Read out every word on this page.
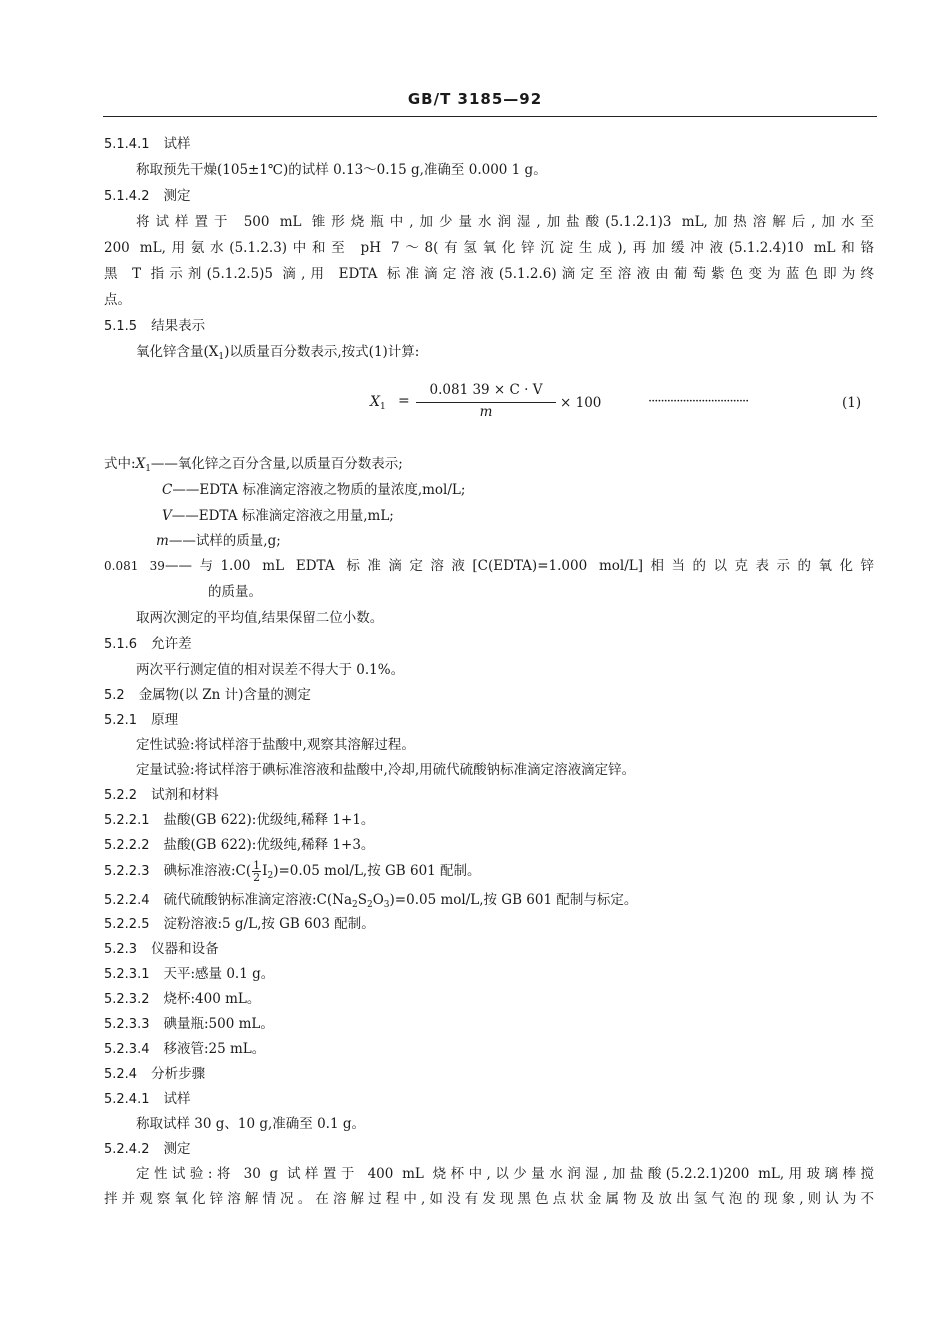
GB/T 3185—92
5.1.4.1 试样
称取预先干燥(105±1℃)的试样 0.13～0.15 g,准确至 0.000 1 g。
5.1.4.2 测定
将试样置于 500 mL 锥形烧瓶中,加少量水润湿,加盐酸(5.1.2.1)3 mL,加热溶解后,加水至
200 mL,用氨水(5.1.2.3)中和至 pH 7～8(有氢氧化锌沉淀生成),再加缓冲液(5.1.2.4)10 mL和铬
黑 T 指示剂(5.1.2.5)5 滴,用 EDTA 标准滴定溶液(5.1.2.6)滴定至溶液由葡萄紫色变为蓝色即为终
点。
5.1.5 结果表示
氧化锌含量$(X_1)$以质量百分数表示,按式(1)计算:
$X_1$ =
0.081 39 × C · V
m
× 100	································	(1)
式中$:X_1——$氧化锌之百分含量,以质量百分数表示;
C——EDTA 标准滴定溶液之物质的量浓度,mol/L;
V——EDTA 标准滴定溶液之用量,mL;
m——试样的质量,g;
0.081 39——与1.00 mL EDTA 标准滴定溶液[C(EDTA)=1.000 mol/L]相当的以克表示的氧化锌
的质量。
取两次测定的平均值,结果保留二位小数。
5.1.6 允许差
两次平行测定值的相对误差不得大于 0.1%。
5.2 金属物(以 Zn 计)含量的测定
5.2.1 原理
定性试验:将试样溶于盐酸中,观察其溶解过程。
定量试验:将试样溶于碘标准溶液和盐酸中,冷却,用硫代硫酸钠标准滴定溶液滴定锌。
5.2.2 试剂和材料
5.2.2.1 盐酸(GB 622):优级纯,稀释 1+1。
5.2.2.2 盐酸(GB 622):优级纯,稀释 1+3。
5.2.2.3 碘标准溶液:C( $\frac{1}{2} I_2)=0.05$ mol/L,按 GB 601 配制。
5.2.2.4 硫代硫酸钠标准滴定溶液$:C(Na_2S_2O_3)=0.05$ mol/L,按 GB 601 配制与标定。
5.2.2.5 淀粉溶液:5 g/L,按 GB 603 配制。
5.2.3 仪器和设备
5.2.3.1 天平:感量 0.1 g。
5.2.3.2 烧杯:400 mL。
5.2.3.3 碘量瓶:500 mL。
5.2.3.4 移液管:25 mL。
5.2.4 分析步骤
5.2.4.1 试样
称取试样 30 g、10 g,准确至 0.1 g。
5.2.4.2 测定
定性试验:将 30 g 试样置于 400 mL 烧杯中,以少量水润湿,加盐酸(5.2.2.1)200 mL,用玻璃棒搅
拌并观察氧化锌溶解情况。在溶解过程中,如没有发现黑色点状金属物及放出氢气泡的现象,则认为不
